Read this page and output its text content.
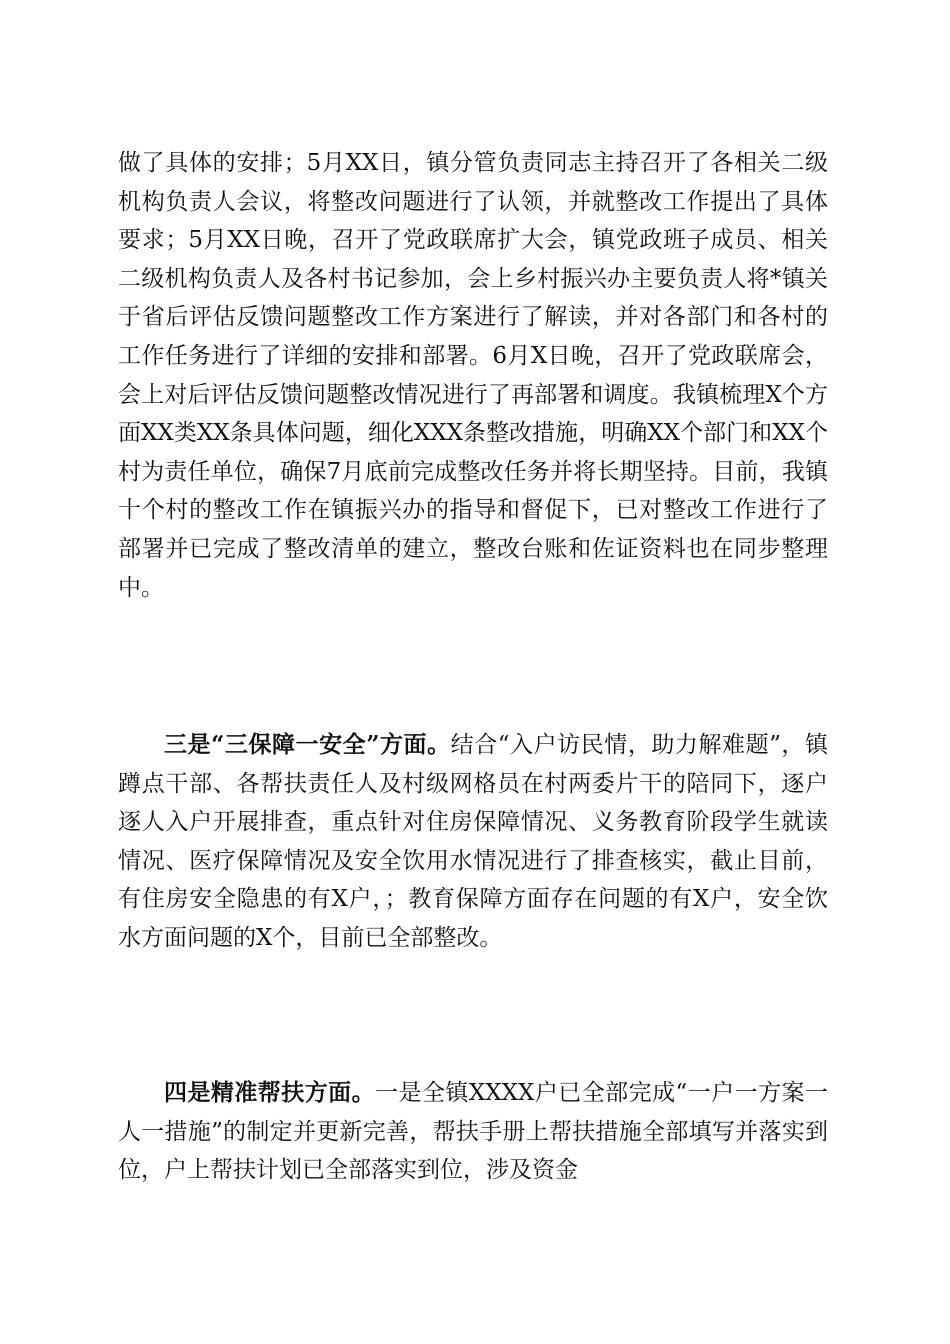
做了具体的安排；5月XX日，镇分管负责同志主持召开了各相关二级机构负责人会议，将整改问题进行了认领，并就整改工作提出了具体要求；5月XX日晚，召开了党政联席扩大会，镇党政班子成员、相关二级机构负责人及各村书记参加，会上乡村振兴办主要负责人将*镇关于省后评估反馈问题整改工作方案进行了解读，并对各部门和各村的工作任务进行了详细的安排和部署。6月X日晚，召开了党政联席会，会上对后评估反馈问题整改情况进行了再部署和调度。我镇梳理X个方面XX类XX条具体问题，细化XXX条整改措施，明确XX个部门和XX个村为责任单位，确保7月底前完成整改任务并将长期坚持。目前，我镇十个村的整改工作在镇振兴办的指导和督促下，已对整改工作进行了部署并已完成了整改清单的建立，整改台账和佐证资料也在同步整理中。

三是“三保障一安全”方面。结合“入户访民情，助力解难题”，镇蹲点干部、各帮扶责任人及村级网格员在村两委片干的陪同下，逐户逐人入户开展排查，重点针对住房保障情况、义务教育阶段学生就读情况、医疗保障情况及安全饮用水情况进行了排查核实，截止目前，有住房安全隐患的有X户，；教育保障方面存在问题的有X户，安全饮水方面问题的X个，目前已全部整改。

四是精准帮扶方面。一是全镇XXXX户已全部完成“一户一方案一人一措施”的制定并更新完善，帮扶手册上帮扶措施全部填写并落实到位，户上帮扶计划已全部落实到位，涉及资金
